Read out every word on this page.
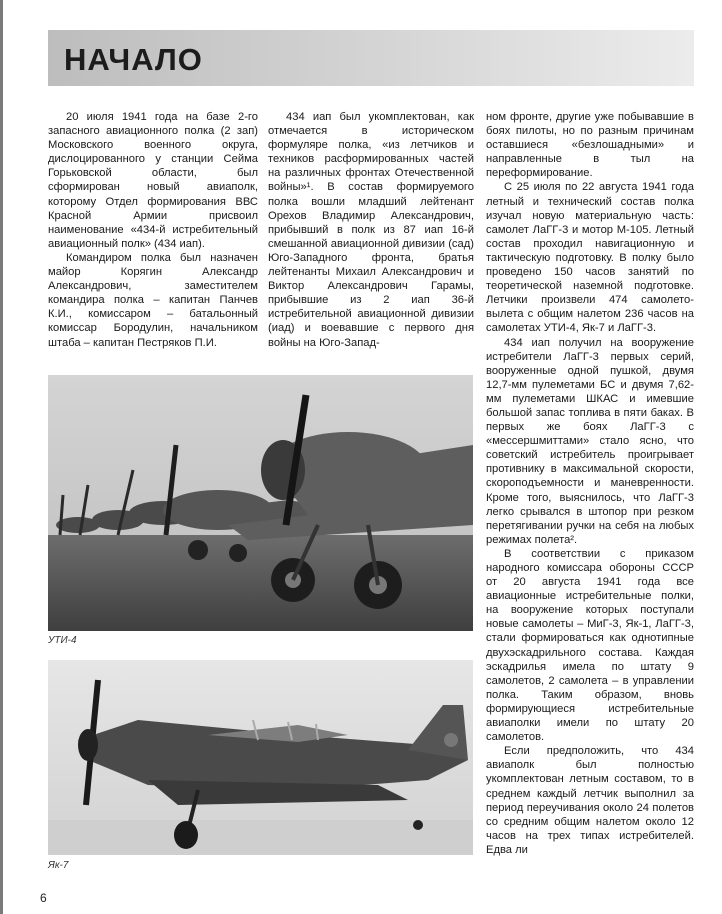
НАЧАЛО

20 июля 1941 года на базе 2-го запасного авиационного полка (2 зап) Московского военного округа, дислоцированного у станции Сейма Горьковской области, был сформирован новый авиаполк, которому Отдел формирования ВВС Красной Армии присвоил наименование «434-й истребительный авиационный полк» (434 иап).

Командиром полка был назначен майор Корягин Александр Александрович, заместителем командира полка – капитан Панчев К.И., комиссаром – батальонный комиссар Бородулин, начальником штаба – капитан Пестряков П.И.

434 иап был укомплектован, как отмечается в историческом формуляре полка, «из летчиков и техников расформированных частей на различных фронтах Отечественной войны»¹. В состав формируемого полка вошли младший лейтенант Орехов Владимир Александрович, прибывший в полк из 87 иап 16-й смешанной авиационной дивизии (сад) Юго-Западного фронта, братья лейтенанты Михаил Александрович и Виктор Александрович Гарамы, прибывшие из 2 иап 36-й истребительной авиационной дивизии (иад) и воевавшие с первого дня войны на Юго-Запад-

ном фронте, другие уже побывавшие в боях пилоты, но по разным причинам оставшиеся «безлошадными» и направленные в тыл на переформирование.

С 25 июля по 22 августа 1941 года летный и технический состав полка изучал новую материальную часть: самолет ЛаГГ-3 и мотор М-105. Летный состав проходил навигационную и тактическую подготовку. В полку было проведено 150 часов занятий по теоретической наземной подготовке. Летчики произвели 474 самолето-вылета с общим налетом 236 часов на самолетах УТИ-4, Як-7 и ЛаГГ-3.

434 иап получил на вооружение истребители ЛаГГ-3 первых серий, вооруженные одной пушкой, двумя 12,7-мм пулеметами БС и двумя 7,62-мм пулеметами ШКАС и имевшие большой запас топлива в пяти баках. В первых же боях ЛаГГ-3 с «мессершмиттами» стало ясно, что советский истребитель проигрывает противнику в максимальной скорости, скороподъемности и маневренности. Кроме того, выяснилось, что ЛаГГ-3 легко срывался в штопор при резком перетягивании ручки на себя на любых режимах полета².

В соответствии с приказом народного комиссара обороны СССР от 20 августа 1941 года все авиационные истребительные полки, на вооружение которых поступали новые самолеты – МиГ-3, Як-1, ЛаГГ-3, стали формироваться как однотипные двухэскадрильного состава. Каждая эскадрилья имела по штату 9 самолетов, 2 самолета – в управлении полка. Таким образом, вновь формирующиеся истребительные авиаполки имели по штату 20 самолетов.

Если предположить, что 434 авиаполк был полностью укомплектован летным составом, то в среднем каждый летчик выполнил за период переучивания около 24 полетов со средним общим налетом около 12 часов на трех типах истребителей. Едва ли

УТИ-4
Як-7
6
